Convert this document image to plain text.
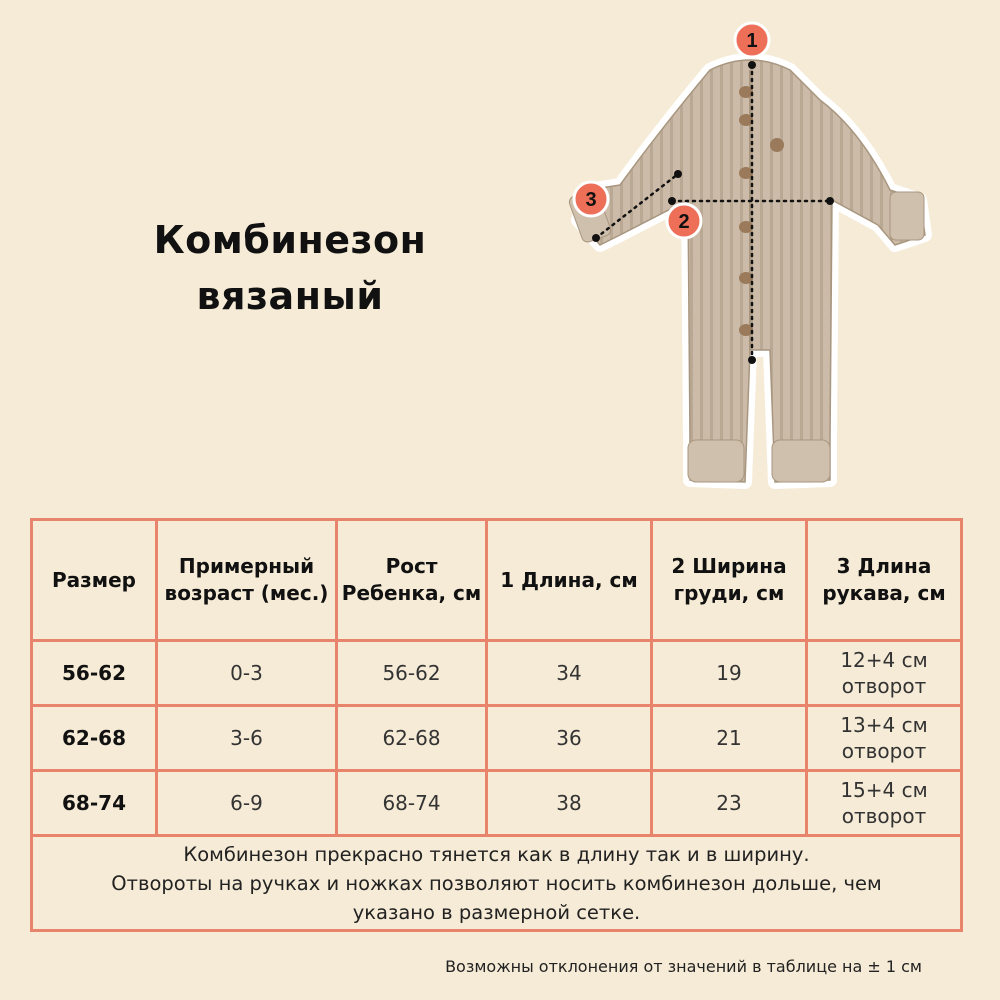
Комбинезон
вязаный
1
2
3
Размер	Примерный возраст (мес.)	Рост Ребенка, см	1 Длина, см	2 Ширина груди, см	3 Длина рукава, см
56-62	0-3	56-62	34	19	12+4 см отворот
62-68	3-6	62-68	36	21	13+4 см отворот
68-74	6-9	68-74	38	23	15+4 см отворот

Комбинезон прекрасно тянется как в длину так и в ширину.
Отвороты на ручках и ножках позволяют носить комбинезон дольше, чем
указано в размерной сетке.					
Возможны отклонения от значений в таблице на ± 1 см
